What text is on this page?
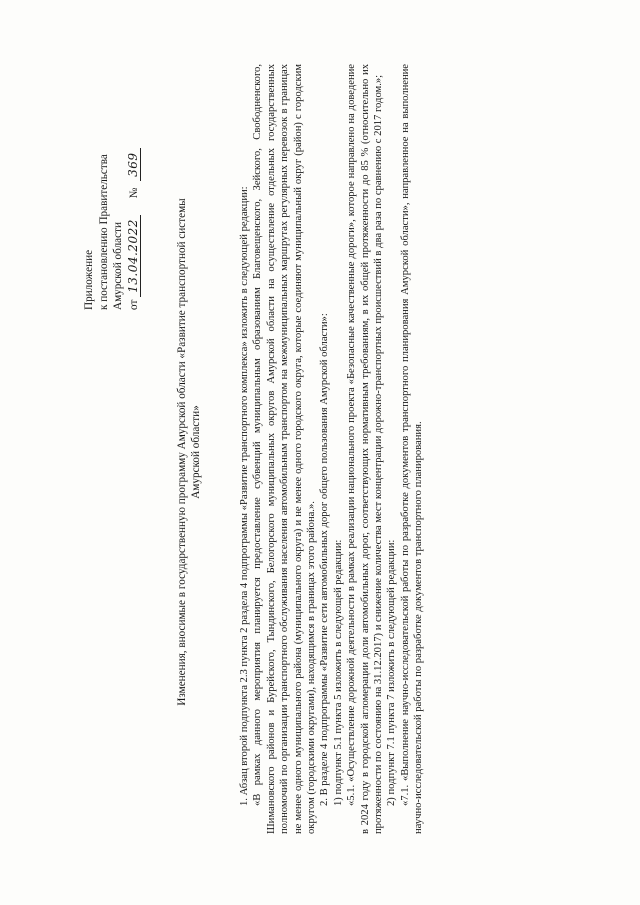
Приложение к постановлению Правительства Амурской области от 13.04.2022 № 369
Изменения, вносимые в государственную программу Амурской области «Развитие транспортной системы Амурской области»	1. Абзац второй подпункта 2.3 пункта 2 раздела 4 подпрограммы «Развитие транспортного комплекса» изложить в следующей редакции: «В рамках данного мероприятия планируется предоставление субвенций муниципальным образованиям Благовещенского, Зейского, Свободненского, Шимановского районов и Бурейского, Тындинского, Белогорского муниципальных округов Амурской области на осуществление отдельных государственных полномочий по организации транспортного обслуживания населения автомобильным транспортом на межмуниципальных маршрутах регулярных перевозок в границах не менее одного муниципального района (муниципального округа) и не менее одного городского округа, которые соединяют муниципальный округ (район) с городским округом (городскими округами), находящимся в границах этого района.». 2. В разделе 4 подпрограммы «Развитие сети автомобильных дорог общего пользования Амурской области»: 1) подпункт 5.1 пункта 5 изложить в следующей редакции: «5.1. «Осуществление дорожной деятельности в рамках реализации национального проекта «Безопасные качественные дороги», которое направлено на доведение в 2024 году в городской агломерации доли автомобильных дорог, соответствующих нормативным требованиям, в их общей протяженности до 85 % (относительно их протяженности по состоянию на 31.12.2017) и снижение количества мест концентрации дорожно-транспортных происшествий в два раза по сравнению с 2017 годом.»; 2) подпункт 7.1 пункта 7 изложить в следующей редакции: «7.1. «Выполнение научно-исследовательской работы по разработке документов транспортного планирования Амурской области», направленное на выполнение научно-исследовательской работы по разработке документов транспортного планирования.
